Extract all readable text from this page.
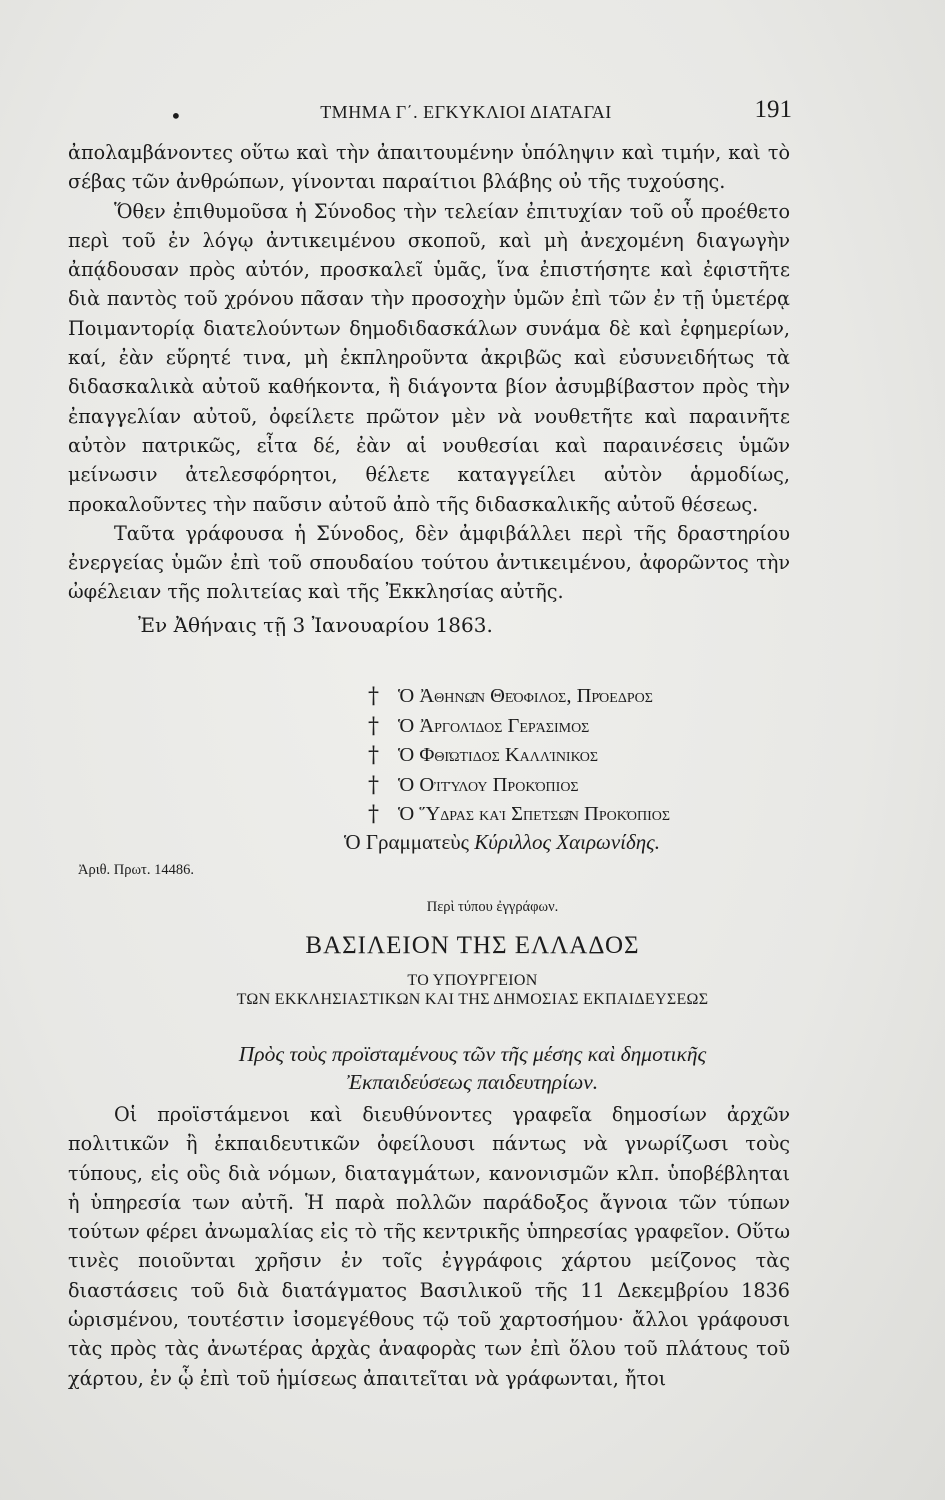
•	ΤΜΗΜΑ Γ΄. ΕΓΚΥΚΛΙΟΙ ΔΙΑΤΑΓΑΙ	191

ἀπολαμβάνοντες οὕτω καὶ τὴν ἀπαιτουμένην ὑπόληψιν καὶ τιμήν, καὶ τὸ σέβας τῶν ἀνθρώπων, γίνονται παραίτιοι βλάβης οὐ τῆς τυχούσης.

Ὅθεν ἐπιθυμοῦσα ἡ Σύνοδος τὴν τελείαν ἐπιτυχίαν τοῦ οὗ προέθετο περὶ τοῦ ἐν λόγῳ ἀντικειμένου σκοποῦ, καὶ μὴ ἀνεχομένη διαγωγὴν ἀπᾴδουσαν πρὸς αὐτόν, προσκαλεῖ ὑμᾶς, ἵνα ἐπιστήσητε καὶ ἐφιστῆτε διὰ παντὸς τοῦ χρόνου πᾶσαν τὴν προσοχὴν ὑμῶν ἐπὶ τῶν ἐν τῇ ὑμετέρᾳ Ποιμαντορίᾳ διατελούντων δημοδιδασκάλων συνάμα δὲ καὶ ἐφημερίων, καί, ἐὰν εὕρητέ τινα, μὴ ἐκπληροῦντα ἀκριβῶς καὶ εὐσυνειδήτως τὰ διδασκαλικὰ αὐτοῦ καθήκοντα, ἢ διάγοντα βίον ἀσυμβίβαστον πρὸς τὴν ἐπαγγελίαν αὐτοῦ, ὀφείλετε πρῶτον μὲν νὰ νουθετῆτε καὶ παραινῆτε αὐτὸν πατρικῶς, εἶτα δέ, ἐὰν αἱ νουθεσίαι καὶ παραινέσεις ὑμῶν μείνωσιν ἀτελεσφόρητοι, θέλετε καταγγείλει αὐτὸν ἁρμοδίως, προκαλοῦντες τὴν παῦσιν αὐτοῦ ἀπὸ τῆς διδασκαλικῆς αὐτοῦ θέσεως.

Ταῦτα γράφουσα ἡ Σύνοδος, δὲν ἀμφιβάλλει περὶ τῆς δραστηρίου ἐνεργείας ὑμῶν ἐπὶ τοῦ σπουδαίου τούτου ἀντικειμένου, ἀφορῶντος τὴν ὠφέλειαν τῆς πολιτείας καὶ τῆς Ἐκκλησίας αὐτῆς.

Ἐν Ἀθήναις τῇ 3 Ἰανουαρίου 1863.

† Ὁ Ἀθηνῶν Θεόφιλος, Πρόεδρος
† Ὁ Ἀργολίδος Γεράσιμος
† Ὁ Φθιώτιδος Καλλίνικος
† Ὁ Οἰτύλου Προκόπιος
† Ὁ Ὕδρας καὶ Σπετσῶν Προκόπιος
Ὁ Γραμματεὺς Κύριλλος Χαιρωνίδης.
Ἀριθ. Πρωτ. 14486.
Περὶ τύπου ἐγγράφων.
ΒΑΣΙΛΕΙΟΝ ΤΗΣ ΕΛΛΑΔΟΣ
ΤΟ ΥΠΟΥΡΓΕΙΟΝ
ΤΩΝ ΕΚΚΛΗΣΙΑΣΤΙΚΩΝ ΚΑΙ ΤΗΣ ΔΗΜΟΣΙΑΣ ΕΚΠΑΙΔΕΥΣΕΩΣ
Πρὸς τοὺς προϊσταμένους τῶν τῆς μέσης καὶ δημοτικῆς
Ἐκπαιδεύσεως παιδευτηρίων.

Οἱ προϊστάμενοι καὶ διευθύνοντες γραφεῖα δημοσίων ἀρχῶν πολιτικῶν ἢ ἐκπαιδευτικῶν ὀφείλουσι πάντως νὰ γνωρίζωσι τοὺς τύπους, εἰς οὓς διὰ νόμων, διαταγμάτων, κανονισμῶν κλπ. ὑποβέβληται ἡ ὑπηρεσία των αὐτῆ. Ἡ παρὰ πολλῶν παράδοξος ἄγνοια τῶν τύπων τούτων φέρει ἀνωμαλίας εἰς τὸ τῆς κεντρικῆς ὑπηρεσίας γραφεῖον. Οὕτω τινὲς ποιοῦνται χρῆσιν ἐν τοῖς ἐγγράφοις χάρτου μείζονος τὰς διαστάσεις τοῦ διὰ διατάγματος Βασιλικοῦ τῆς 11 Δεκεμβρίου 1836 ὡρισμένου, τουτέστιν ἰσομεγέθους τῷ τοῦ χαρτοσήμου· ἄλλοι γράφουσι τὰς πρὸς τὰς ἀνωτέρας ἀρχὰς ἀναφορὰς των ἐπὶ ὅλου τοῦ πλάτους τοῦ χάρτου, ἐν ᾧ ἐπὶ τοῦ ἡμίσεως ἀπαιτεῖται νὰ γράφωνται, ἤτοι
